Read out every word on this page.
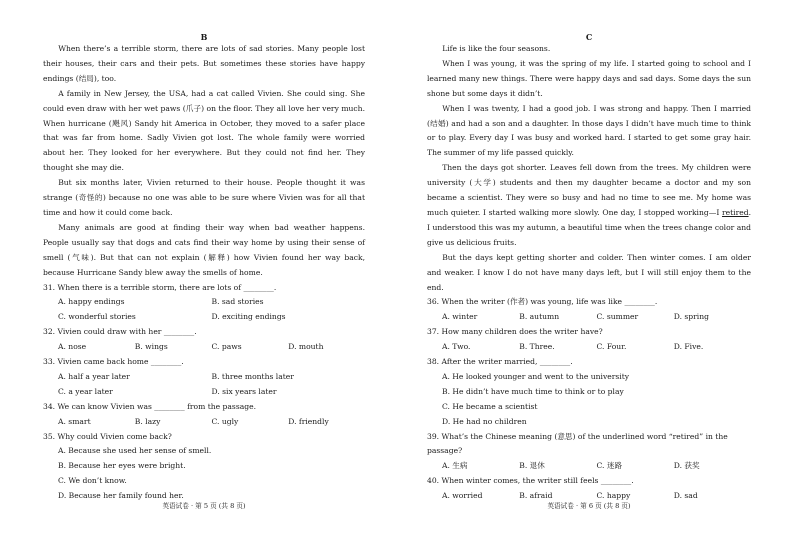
B

When there’s a terrible storm, there are lots of sad stories. Many people lost their houses, their cars and their pets. But sometimes these stories have happy endings (结局), too.

A family in New Jersey, the USA, had a cat called Vivien. She could sing. She could even draw with her wet paws (爪子) on the floor. They all love her very much. When hurricane (飓风) Sandy hit America in October, they moved to a safer place that was far from home. Sadly Vivien got lost. The whole family were worried about her. They looked for her everywhere. But they could not find her. They thought she may die.

But six months later, Vivien returned to their house. People thought it was strange (奇怪的) because no one was able to be sure where Vivien was for all that time and how it could come back.

Many animals are good at finding their way when bad weather happens. People usually say that dogs and cats find their way home by using their sense of smell (气味). But that can not explain (解释) how Vivien found her way back, because Hurricane Sandy blew away the smells of home.

31. When there is a terrible storm, there are lots of ________.

A. happy endings	B. sad stories
C. wonderful stories	D. exciting endings

32. Vivien could draw with her ________.

A. nose	B. wings	C. paws	D. mouth

33. Vivien came back home ________.

A. half a year later	B. three months later
C. a year later	D. six years later

34. We can know Vivien was ________ from the passage.

A. smart	B. lazy	C. ugly	D. friendly

35. Why could Vivien come back?

A. Because she used her sense of smell.
B. Because her eyes were bright.
C. We don’t know.
D. Because her family found her.
英语试卷 · 第 5 页 (共 8 页)
C

Life is like the four seasons.

When I was young, it was the spring of my life. I started going to school and I learned many new things. There were happy days and sad days. Some days the sun shone but some days it didn’t.

When I was twenty, I had a good job. I was strong and happy. Then I married (结婚) and had a son and a daughter. In those days I didn’t have much time to think or to play. Every day I was busy and worked hard. I started to get some gray hair. The summer of my life passed quickly.

Then the days got shorter. Leaves fell down from the trees. My children were university (大学) students and then my daughter became a doctor and my son became a scientist. They were so busy and had no time to see me. My home was much quieter. I started walking more slowly. One day, I stopped working—I retired. I understood this was my autumn, a beautiful time when the trees change color and give us delicious fruits.

But the days kept getting shorter and colder. Then winter comes. I am older and weaker. I know I do not have many days left, but I will still enjoy them to the end.

36. When the writer (作者) was young, life was like ________.

A. winter	B. autumn	C. summer	D. spring

37. How many children does the writer have?

A. Two.	B. Three.	C. Four.	D. Five.

38. After the writer married, ________.

A. He looked younger and went to the university
B. He didn’t have much time to think or to play
C. He became a scientist
D. He had no children

39. What’s the Chinese meaning (意思) of the underlined word “retired” in the passage?

A. 生病	B. 退休	C. 迷路	D. 获奖

40. When winter comes, the writer still feels ________.

A. worried	B. afraid	C. happy	D. sad
英语试卷 · 第 6 页 (共 8 页)
